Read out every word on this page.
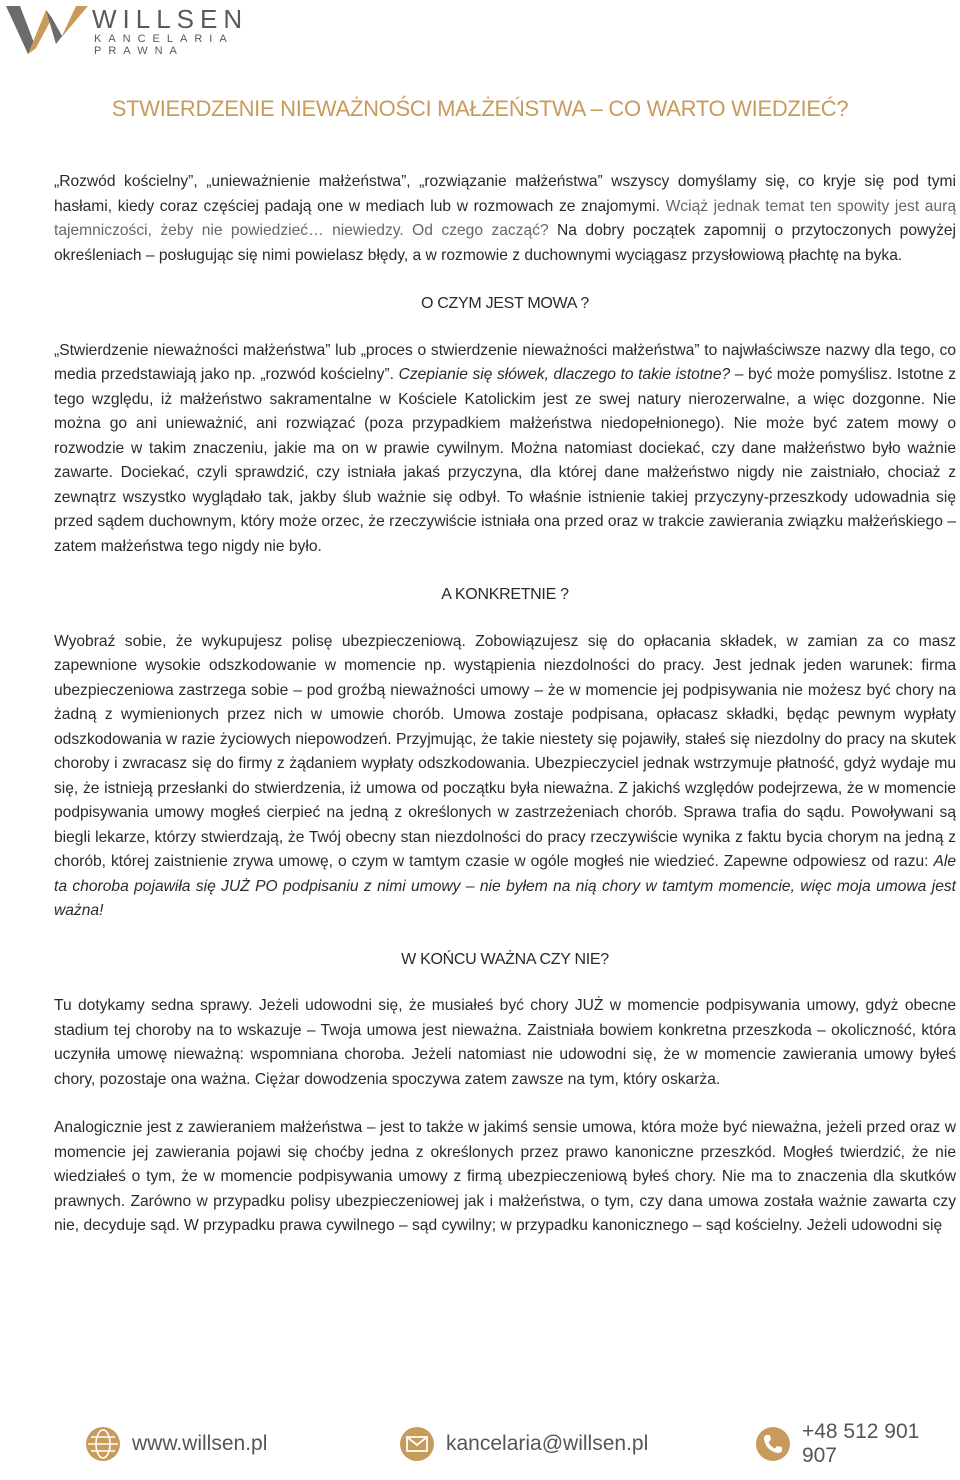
WILLSEN
KANCELARIA
PRAWNA
STWIERDZENIE NIEWAŻNOŚCI MAŁŻEŃSTWA – CO WARTO WIEDZIEĆ?

„Rozwód kościelny”, „unieważnienie małżeństwa”, „rozwiązanie małżeństwa” wszyscy domyślamy się, co kryje się pod tymi hasłami, kiedy coraz częściej padają one w mediach lub w rozmowach ze znajomymi. Wciąż jednak temat ten spowity jest aurą tajemniczości, żeby nie powiedzieć… niewiedzy. Od czego zacząć? Na dobry początek zapomnij o przytoczonych powyżej określeniach – posługując się nimi powielasz błędy, a w rozmowie z duchownymi wyciągasz przysłowiową płachtę na byka.

O CZYM JEST MOWA ?

„Stwierdzenie nieważności małżeństwa” lub „proces o stwierdzenie nieważności małżeństwa” to najwłaściwsze nazwy dla tego, co media przedstawiają jako np. „rozwód kościelny”. Czepianie się słówek, dlaczego to takie istotne? – być może pomyślisz. Istotne z tego względu, iż małżeństwo sakramentalne w Kościele Katolickim jest ze swej natury nierozerwalne, a więc dozgonne. Nie można go ani unieważnić, ani rozwiązać (poza przypadkiem małżeństwa niedopełnionego). Nie może być zatem mowy o rozwodzie w takim znaczeniu, jakie ma on w prawie cywilnym. Można natomiast dociekać, czy dane małżeństwo było ważnie zawarte. Dociekać, czyli sprawdzić, czy istniała jakaś przyczyna, dla której dane małżeństwo nigdy nie zaistniało, chociaż z zewnątrz wszystko wyglądało tak, jakby ślub ważnie się odbył. To właśnie istnienie takiej przyczyny-przeszkody udowadnia się przed sądem duchownym, który może orzec, że rzeczywiście istniała ona przed oraz w trakcie zawierania związku małżeńskiego – zatem małżeństwa tego nigdy nie było.

A KONKRETNIE ?

Wyobraź sobie, że wykupujesz polisę ubezpieczeniową. Zobowiązujesz się do opłacania składek, w zamian za co masz zapewnione wysokie odszkodowanie w momencie np. wystąpienia niezdolności do pracy. Jest jednak jeden warunek: firma ubezpieczeniowa zastrzega sobie – pod groźbą nieważności umowy – że w momencie jej podpisywania nie możesz być chory na żadną z wymienionych przez nich w umowie chorób. Umowa zostaje podpisana, opłacasz składki, będąc pewnym wypłaty odszkodowania w razie życiowych niepowodzeń. Przyjmując, że takie niestety się pojawiły, stałeś się niezdolny do pracy na skutek choroby i zwracasz się do firmy z żądaniem wypłaty odszkodowania. Ubezpieczyciel jednak wstrzymuje płatność, gdyż wydaje mu się, że istnieją przesłanki do stwierdzenia, iż umowa od początku była nieważna. Z jakichś względów podejrzewa, że w momencie podpisywania umowy mogłeś cierpieć na jedną z określonych w zastrzeżeniach chorób. Sprawa trafia do sądu. Powoływani są biegli lekarze, którzy stwierdzają, że Twój obecny stan niezdolności do pracy rzeczywiście wynika z faktu bycia chorym na jedną z chorób, której zaistnienie zrywa umowę, o czym w tamtym czasie w ogóle mogłeś nie wiedzieć. Zapewne odpowiesz od razu: Ale ta choroba pojawiła się JUŻ PO podpisaniu z nimi umowy – nie byłem na nią chory w tamtym momencie, więc moja umowa jest ważna!

W KOŃCU WAŻNA CZY NIE?

Tu dotykamy sedna sprawy. Jeżeli udowodni się, że musiałeś być chory JUŻ w momencie podpisywania umowy, gdyż obecne stadium tej choroby na to wskazuje – Twoja umowa jest nieważna. Zaistniała bowiem konkretna przeszkoda – okoliczność, która uczyniła umowę nieważną: wspomniana choroba. Jeżeli natomiast nie udowodni się, że w momencie zawierania umowy byłeś chory, pozostaje ona ważna. Ciężar dowodzenia spoczywa zatem zawsze na tym, który oskarża.

Analogicznie jest z zawieraniem małżeństwa – jest to także w jakimś sensie umowa, która może być nieważna, jeżeli przed oraz w momencie jej zawierania pojawi się choćby jedna z określonych przez prawo kanoniczne przeszkód. Mogłeś twierdzić, że nie wiedziałeś o tym, że w momencie podpisywania umowy z firmą ubezpieczeniową byłeś chory. Nie ma to znaczenia dla skutków prawnych. Zarówno w przypadku polisy ubezpieczeniowej jak i małżeństwa, o tym, czy dana umowa została ważnie zawarta czy nie, decyduje sąd. W przypadku prawa cywilnego – sąd cywilny; w przypadku kanonicznego – sąd kościelny. Jeżeli udowodni się

www.willsen.pl	kancelaria@willsen.pl
+48 512 901 907
